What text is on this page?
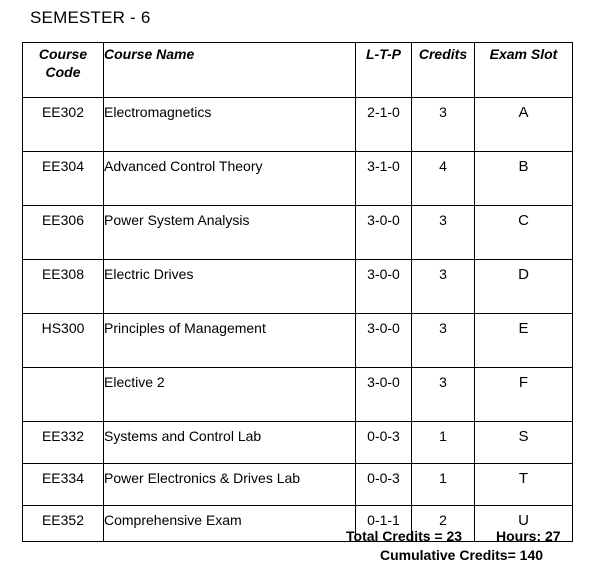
SEMESTER - 6
Course
Code	Course Name	L-T-P	Credits	Exam Slot
EE302	Electromagnetics	2-1-0	3	A
EE304	Advanced Control Theory	3-1-0	4	B
EE306	Power System Analysis	3-0-0	3	C
EE308	Electric Drives	3-0-0	3	D
HS300	Principles of Management	3-0-0	3	E
	Elective 2	3-0-0	3	F
EE332	Systems and Control Lab	0-0-3	1	S
EE334	Power Electronics & Drives Lab	0-0-3	1	T
EE352	Comprehensive Exam	0-1-1	2	U
Total Credits = 23 Hours: 27
Cumulative Credits= 140
